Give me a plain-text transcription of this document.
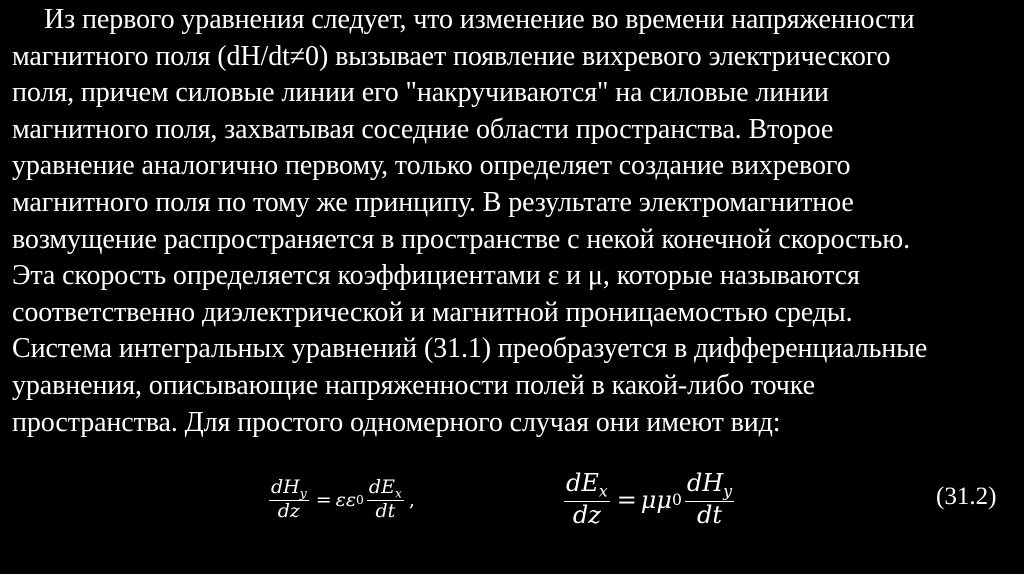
Из первого уравнения следует, что изменение во времени напряженности
магнитного поля (dH/dt≠0) вызывает появление вихревого электрического
поля, причем силовые линии его "накручиваются" на силовые линии
магнитного поля, захватывая соседние области пространства. Второе
уравнение аналогично первому, только определяет создание вихревого
магнитного поля по тому же принципу. В результате электромагнитное
возмущение распространяется в пространстве с некой конечной скоростью.
Эта скорость определяется коэффициентами ε и μ, которые называются
соответственно диэлектрической и магнитной проницаемостью среды.
Система интегральных уравнений (31.1) преобразуется в дифференциальные
уравнения, описывающие напряженности полей в какой-либо точке
пространства. Для простого одномерного случая они имеют вид:
$\frac{dH_y}{dz} = \varepsilon\varepsilon$ $0 \frac{dE_x}{dt}$ ,	$\frac{dE_x}{dz} = \mu\mu$ $0 \frac{dH_y}{dt}$	(31.2)
